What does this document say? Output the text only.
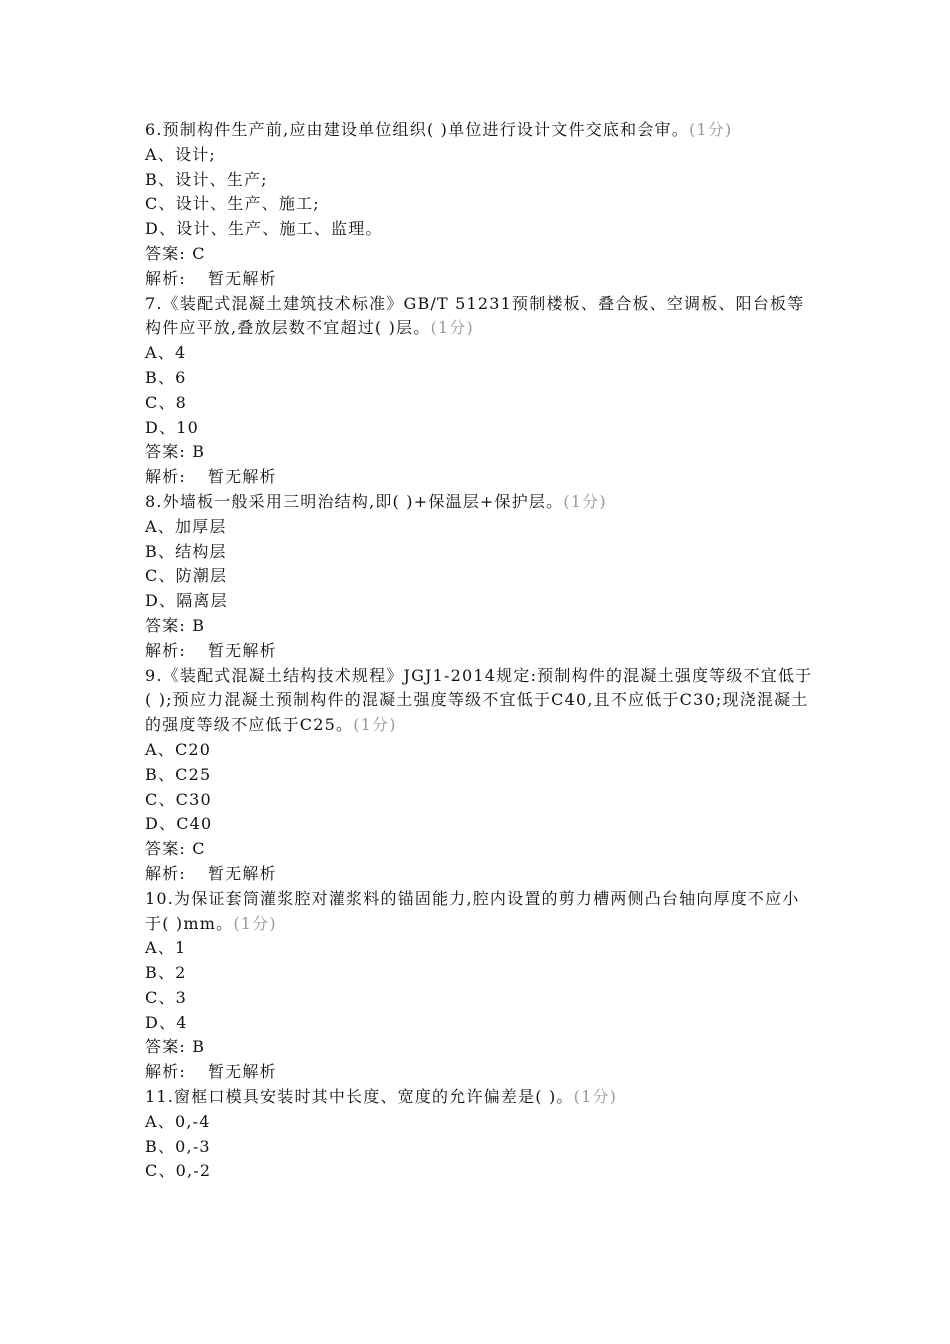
6.预制构件生产前,应由建设单位组织( )单位进行设计文件交底和会审。(1分)
A、设计;
B、设计、生产;
C、设计、生产、施工;
D、设计、生产、施工、监理。
答案: C
解析: 暂无解析
7.《装配式混凝土建筑技术标准》GB/T 51231预制楼板、叠合板、空调板、阳台板等构件应平放,叠放层数不宜超过( )层。(1分)
A、4
B、6
C、8
D、10
答案: B
解析: 暂无解析
8.外墙板一般采用三明治结构,即( )+保温层+保护层。(1分)
A、加厚层
B、结构层
C、防潮层
D、隔离层
答案: B
解析: 暂无解析
9.《装配式混凝土结构技术规程》JGJ1-2014规定:预制构件的混凝土强度等级不宜低于( );预应力混凝土预制构件的混凝土强度等级不宜低于C40,且不应低于C30;现浇混凝土的强度等级不应低于C25。(1分)
A、C20
B、C25
C、C30
D、C40
答案: C
解析: 暂无解析
10.为保证套筒灌浆腔对灌浆料的锚固能力,腔内设置的剪力槽两侧凸台轴向厚度不应小于( )mm。(1分)
A、1
B、2
C、3
D、4
答案: B
解析: 暂无解析
11.窗框口模具安装时其中长度、宽度的允许偏差是( )。(1分)
A、0,-4
B、0,-3
C、0,-2
